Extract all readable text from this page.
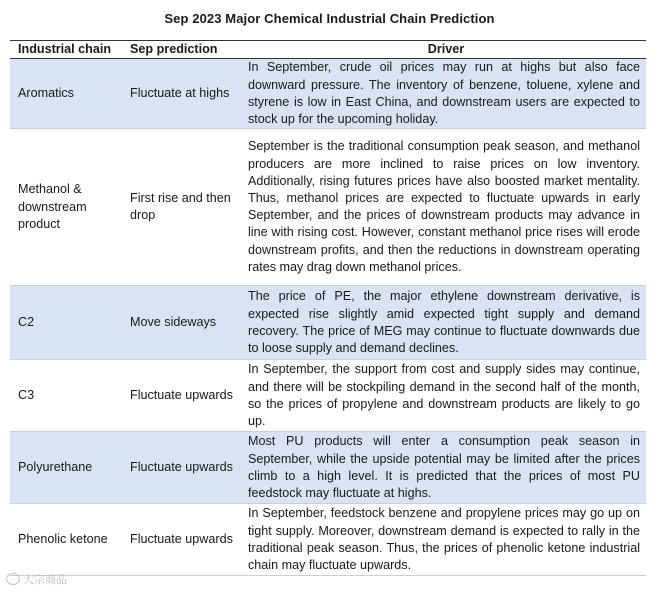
Sep 2023 Major Chemical Industrial Chain Prediction
Industrial chain	Sep prediction	Driver
Aromatics	Fluctuate at highs	In September, crude oil prices may run at highs but also face downward pressure. The inventory of benzene, toluene, xylene and styrene is low in East China, and downstream users are expected to stock up for the upcoming holiday.
Methanol & downstream product	First rise and then drop	September is the traditional consumption peak season, and methanol producers are more inclined to raise prices on low inventory. Additionally, rising futures prices have also boosted market mentality. Thus, methanol prices are expected to fluctuate upwards in early September, and the prices of downstream products may advance in line with rising cost. However, constant methanol price rises will erode downstream profits, and then the reductions in downstream operating rates may drag down methanol prices.
C2	Move sideways	The price of PE, the major ethylene downstream derivative, is expected rise slightly amid expected tight supply and demand recovery. The price of MEG may continue to fluctuate downwards due to loose supply and demand declines.
C3	Fluctuate upwards	In September, the support from cost and supply sides may continue, and there will be stockpiling demand in the second half of the month, so the prices of propylene and downstream products are likely to go up.
Polyurethane	Fluctuate upwards	Most PU products will enter a consumption peak season in September, while the upside potential may be limited after the prices climb to a high level. It is predicted that the prices of most PU feedstock may fluctuate at highs.
Phenolic ketone	Fluctuate upwards	In September, feedstock benzene and propylene prices may go up on tight supply. Moreover, downstream demand is expected to rally in the traditional peak season. Thus, the prices of phenolic ketone industrial chain may fluctuate upwards.
大宗商品
